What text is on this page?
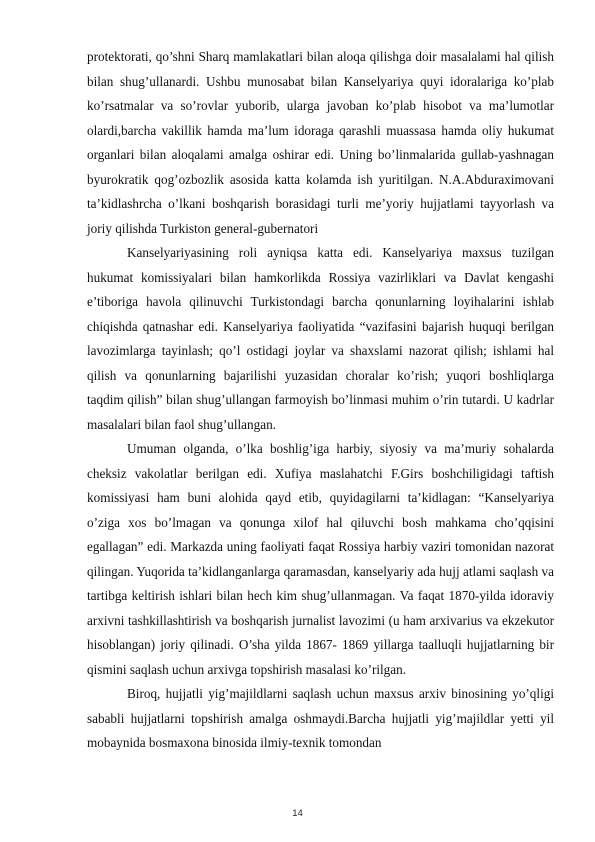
protektorati, qo’shni Sharq mamlakatlari bilan aloqa qilishga doir masalalami hal qilish bilan shug’ullanardi. Ushbu munosabat bilan Kanselyariya quyi idoralariga ko’plab ko’rsatmalar va so’rovlar yuborib, ularga javoban ko’plab hisobot va ma’lumotlar olardi,barcha vakillik hamda ma’lum idoraga qarashli muassasa hamda oliy hukumat organlari bilan aloqalami amalga oshirar edi. Uning bo’linmalarida gullab-yashnagan byurokratik qog’ozbozlik asosida katta kolamda ish yuritilgan. N.A.Abduraximovani ta’kidlashrcha o’lkani boshqarish borasidagi turli me’yoriy hujjatlami tayyorlash va joriy qilishda Turkiston general-gubernatori

Kanselyariyasining roli ayniqsa katta edi. Kanselyariya maxsus tuzilgan hukumat komissiyalari bilan hamkorlikda Rossiya vazirliklari va Davlat kengashi e’tiboriga havola qilinuvchi Turkistondagi barcha qonunlarning loyihalarini ishlab chiqishda qatnashar edi. Kanselyariya faoliyatida “vazifasini bajarish huquqi berilgan lavozimlarga tayinlash; qo’l ostidagi joylar va shaxslami nazorat qilish; ishlami hal qilish va qonunlarning bajarilishi yuzasidan choralar ko’rish; yuqori boshliqlarga taqdim qilish” bilan shug’ullangan farmoyish bo’linmasi muhim o’rin tutardi. U kadrlar masalalari bilan faol shug’ullangan.

Umuman olganda, o’lka boshlig’iga harbiy, siyosiy va ma’muriy sohalarda cheksiz vakolatlar berilgan edi. Xufiya maslahatchi F.Girs boshchiligidagi taftish komissiyasi ham buni alohida qayd etib, quyidagilarni ta’kidlagan: “Kanselyariya o’ziga xos bo’lmagan va qonunga xilof hal qiluvchi bosh mahkama cho’qqisini egallagan” edi. Markazda uning faoliyati faqat Rossiya harbiy vaziri tomonidan nazorat qilingan. Yuqorida ta’kidlanganlarga qaramasdan, kanselyariy ada hujj atlami saqlash va tartibga keltirish ishlari bilan hech kim shug’ullanmagan. Va faqat 1870-yilda idoraviy arxivni tashkillashtirish va boshqarish jurnalist lavozimi (u ham arxivarius va ekzekutor hisoblangan) joriy qilinadi. O’sha yilda 1867- 1869 yillarga taalluqli hujjatlarning bir qismini saqlash uchun arxivga topshirish masalasi ko’rilgan.

Biroq, hujjatli yig’majildlarni saqlash uchun maxsus arxiv binosining yo’qligi sababli hujjatlarni topshirish amalga oshmaydi.Barcha hujjatli yig’majildlar yetti yil mobaynida bosmaxona binosida ilmiy-texnik tomondan

14
